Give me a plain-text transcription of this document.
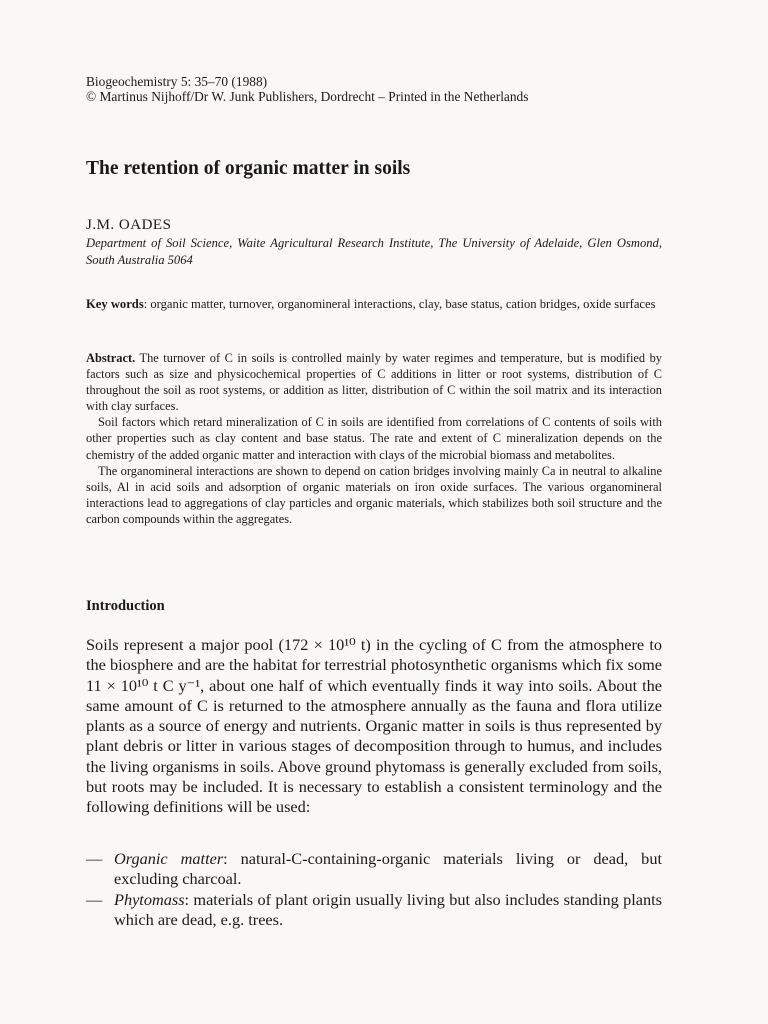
Biogeochemistry 5: 35–70 (1988)

© Martinus Nijhoff/Dr W. Junk Publishers, Dordrecht – Printed in the Netherlands

The retention of organic matter in soils

J.M. OADES

Department of Soil Science, Waite Agricultural Research Institute, The University of Adelaide, Glen Osmond, South Australia 5064

Key words: organic matter, turnover, organomineral interactions, clay, base status, cation bridges, oxide surfaces

Abstract. The turnover of C in soils is controlled mainly by water regimes and temperature, but is modified by factors such as size and physicochemical properties of C additions in litter or root systems, distribution of C throughout the soil as root systems, or addition as litter, distribution of C within the soil matrix and its interaction with clay surfaces.

Soil factors which retard mineralization of C in soils are identified from correlations of C contents of soils with other properties such as clay content and base status. The rate and extent of C mineralization depends on the chemistry of the added organic matter and interaction with clays of the microbial biomass and metabolites.

The organomineral interactions are shown to depend on cation bridges involving mainly Ca in neutral to alkaline soils, Al in acid soils and adsorption of organic materials on iron oxide surfaces. The various organomineral interactions lead to aggregations of clay particles and organic materials, which stabilizes both soil structure and the carbon compounds within the aggregates.

Introduction

Soils represent a major pool (172 × 10¹⁰ t) in the cycling of C from the atmosphere to the biosphere and are the habitat for terrestrial photosynthetic organisms which fix some 11 × 10¹⁰ t C y⁻¹, about one half of which eventually finds it way into soils. About the same amount of C is returned to the atmosphere annually as the fauna and flora utilize plants as a source of energy and nutrients. Organic matter in soils is thus represented by plant debris or litter in various stages of decomposition through to humus, and includes the living organisms in soils. Above ground phytomass is generally excluded from soils, but roots may be included. It is necessary to establish a consistent terminology and the following definitions will be used:

— Organic matter: natural-C-containing-organic materials living or dead, but excluding charcoal.
— Phytomass: materials of plant origin usually living but also includes standing plants which are dead, e.g. trees.
